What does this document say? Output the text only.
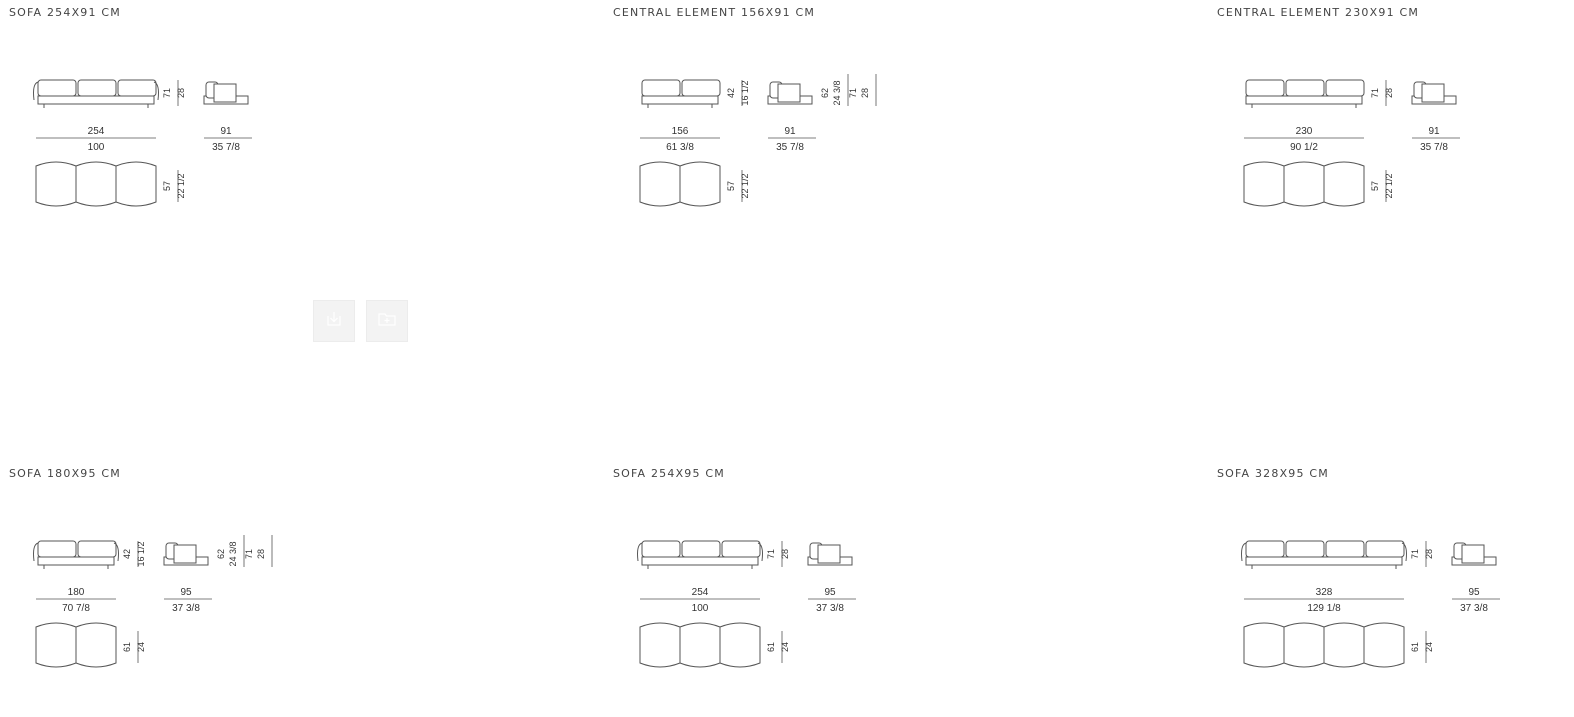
SOFA 254X91 CM
254
100
71 28
91
35 7/8
57 22 1/2
CENTRAL ELEMENT 156X91 CM
156
61 3/8
42 16 1/2
91
35 7/8
62 24 3/8 71 28
57 22 1/2
CENTRAL ELEMENT 230X91 CM
230
90 1/2
71 28
91
35 7/8
57 22 1/2
SOFA 180X95 CM
180
70 7/8
42 16 1/2
95
37 3/8
62 24 3/8 71 28
61 24
SOFA 254X95 CM
254
100
71 28
95
37 3/8
61 24
SOFA 328X95 CM
328
129 1/8
71 28
95
37 3/8
61 24
